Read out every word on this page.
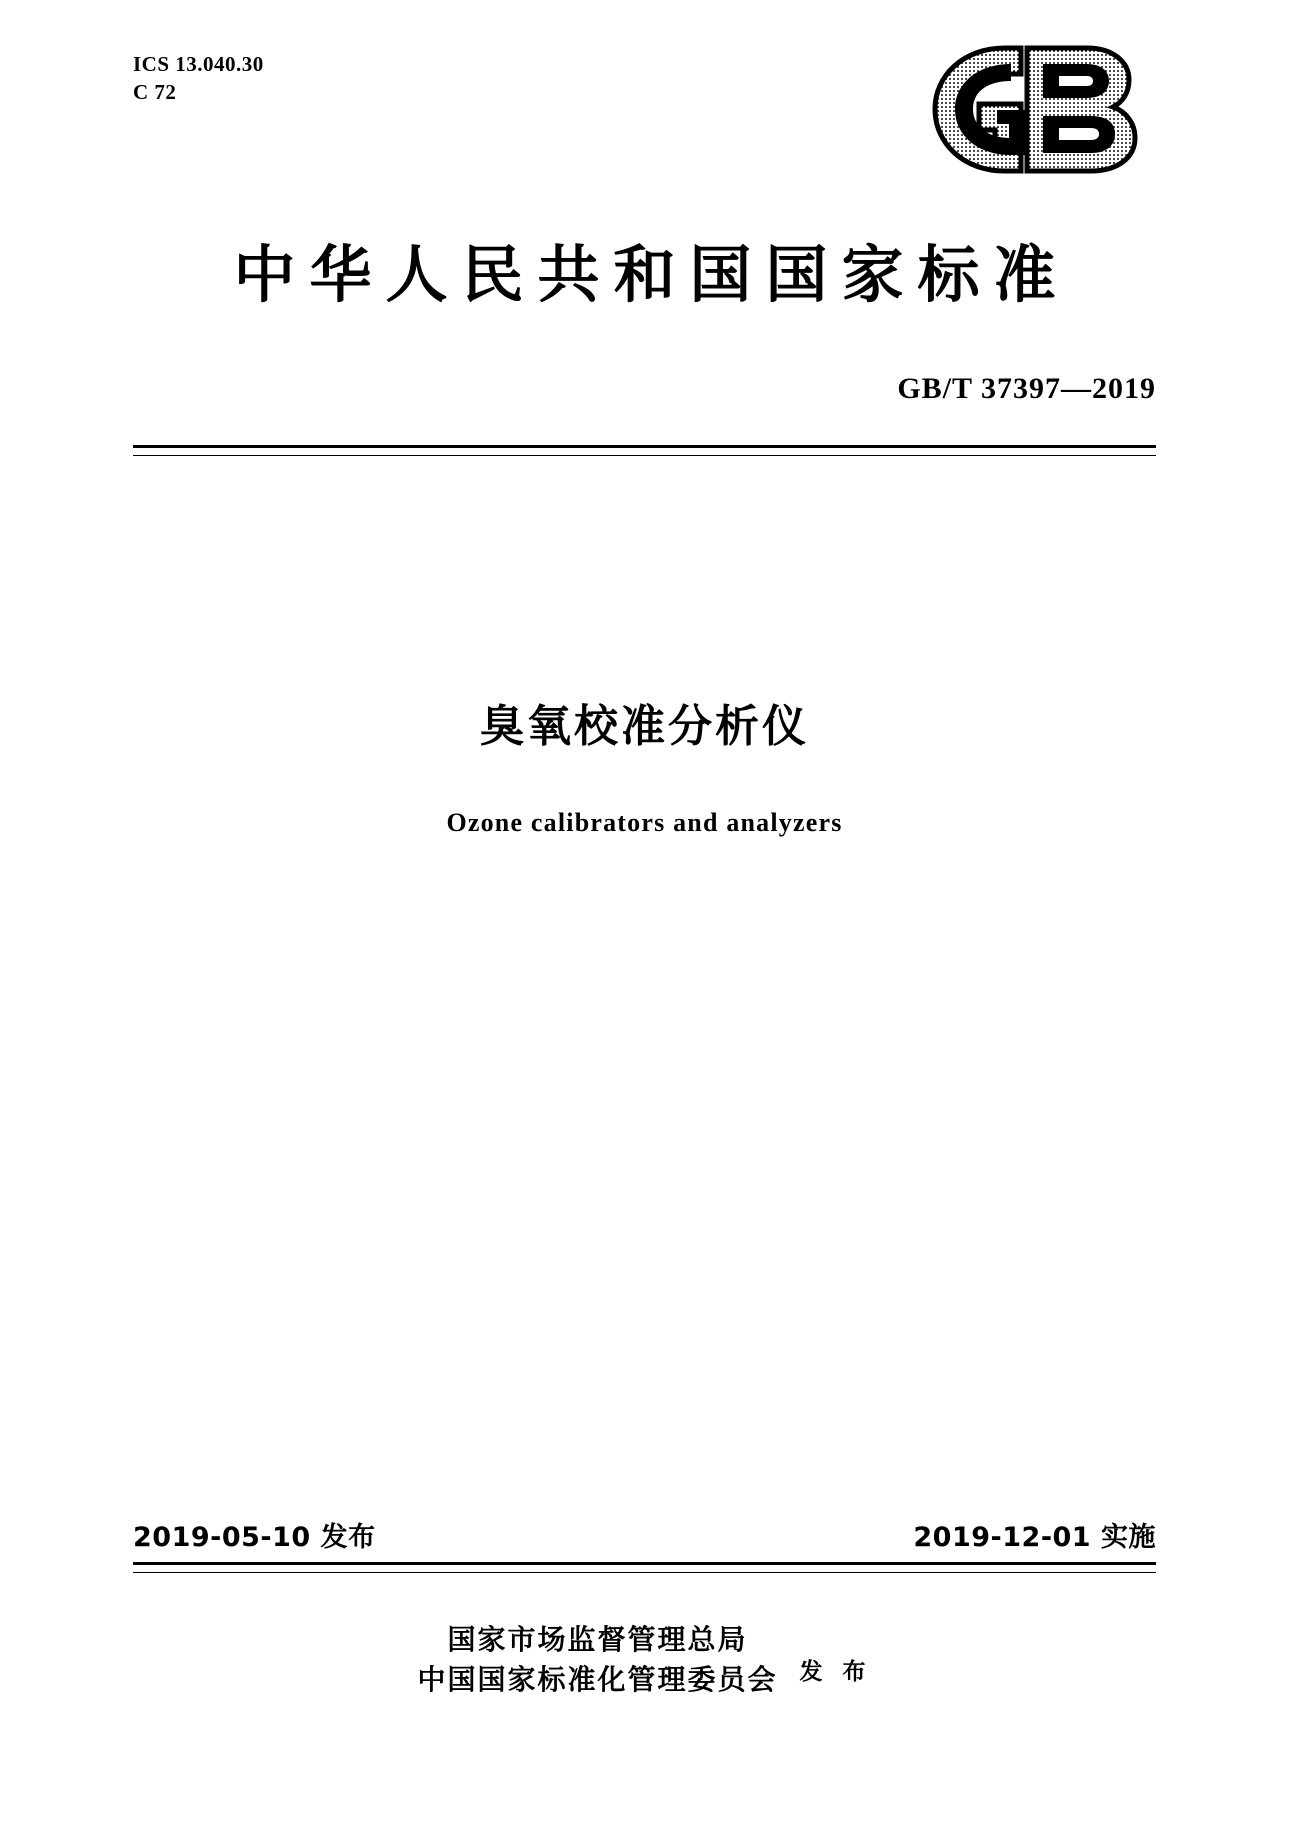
ICS 13.040.30
C 72
中华人民共和国国家标准
GB/T 37397—2019
臭氧校准分析仪
Ozone calibrators and analyzers
2019-05-10 发布	2019-12-01 实施
国家市场监督管理总局
中国国家标准化管理委员会 发 布
